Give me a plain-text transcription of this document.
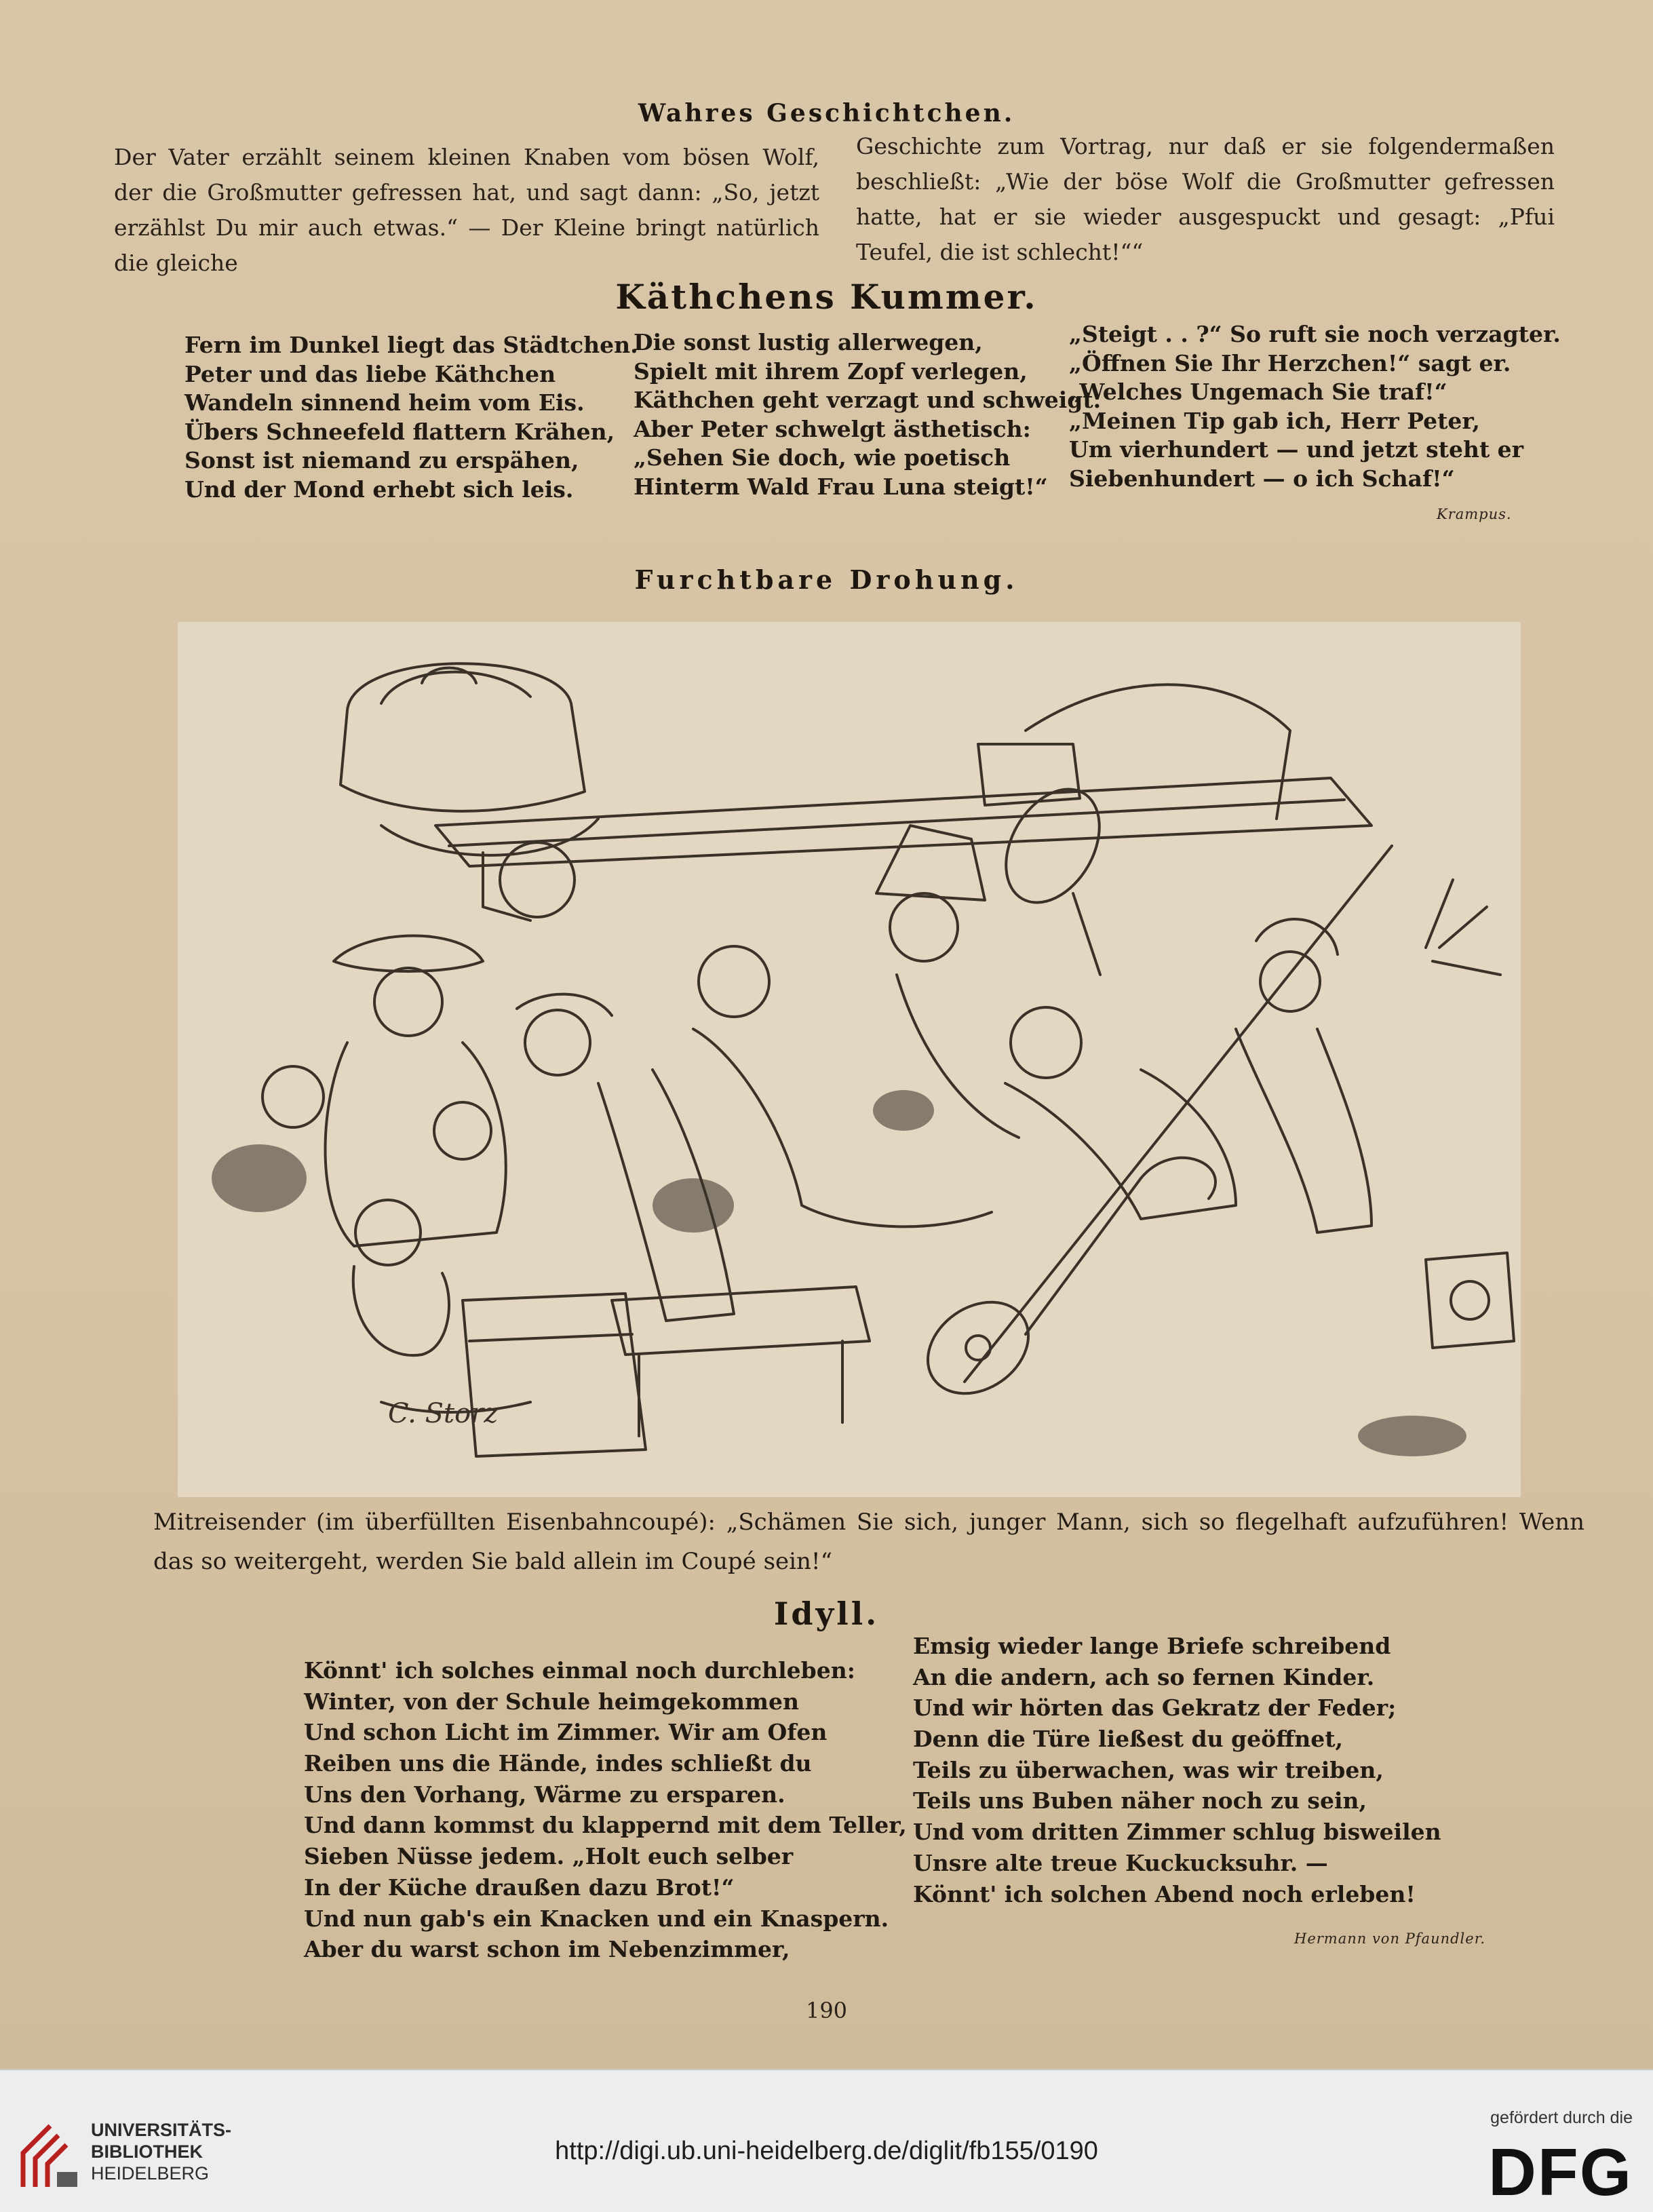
Wahres Geschichtchen.
Der Vater erzählt seinem kleinen Knaben vom bösen Wolf, der die Großmutter gefressen hat, und sagt dann: „So, jetzt erzählst Du mir auch etwas.“ — Der Kleine bringt natürlich die gleiche
Geschichte zum Vortrag, nur daß er sie folgendermaßen beschließt: „Wie der böse Wolf die Großmutter gefressen hatte, hat er sie wieder ausgespuckt und gesagt: „Pfui Teufel, die ist schlecht!““
Käthchens Kummer.
Fern im Dunkel liegt das Städtchen.
Peter und das liebe Käthchen
Wandeln sinnend heim vom Eis.
Übers Schneefeld flattern Krähen,
Sonst ist niemand zu erspähen,
Und der Mond erhebt sich leis.
Die sonst lustig allerwegen,
Spielt mit ihrem Zopf verlegen,
Käthchen geht verzagt und schweigt.
Aber Peter schwelgt ästhetisch:
„Sehen Sie doch, wie poetisch
Hinterm Wald Frau Luna steigt!“
„Steigt . . ?“ So ruft sie noch verzagter.
„Öffnen Sie Ihr Herzchen!“ sagt er.
„Welches Ungemach Sie traf!“
„Meinen Tip gab ich, Herr Peter,
Um vierhundert — und jetzt steht er
Siebenhundert — o ich Schaf!“
Krampus.
Furchtbare Drohung.
C. Storz
Mitreisender (im überfüllten Eisenbahncoupé): „Schämen Sie sich, junger Mann, sich so flegelhaft aufzuführen! Wenn das so weitergeht, werden Sie bald allein im Coupé sein!“
Idyll.
Könnt' ich solches einmal noch durchleben:
Winter, von der Schule heimgekommen
Und schon Licht im Zimmer. Wir am Ofen
Reiben uns die Hände, indes schließt du
Uns den Vorhang, Wärme zu ersparen.
Und dann kommst du klappernd mit dem Teller,
Sieben Nüsse jedem. „Holt euch selber
In der Küche draußen dazu Brot!“
Und nun gab's ein Knacken und ein Knaspern.
Aber du warst schon im Nebenzimmer,
Emsig wieder lange Briefe schreibend
An die andern, ach so fernen Kinder.
Und wir hörten das Gekratz der Feder;
Denn die Türe ließest du geöffnet,
Teils zu überwachen, was wir treiben,
Teils uns Buben näher noch zu sein,
Und vom dritten Zimmer schlug bisweilen
Unsre alte treue Kuckucksuhr. —
Könnt' ich solchen Abend noch erleben!
Hermann von Pfaundler.
190
UNIVERSITÄTS-
BIBLIOTHEK
HEIDELBERG
http://digi.ub.uni-heidelberg.de/diglit/fb155/0190
gefördert durch die
DFG
